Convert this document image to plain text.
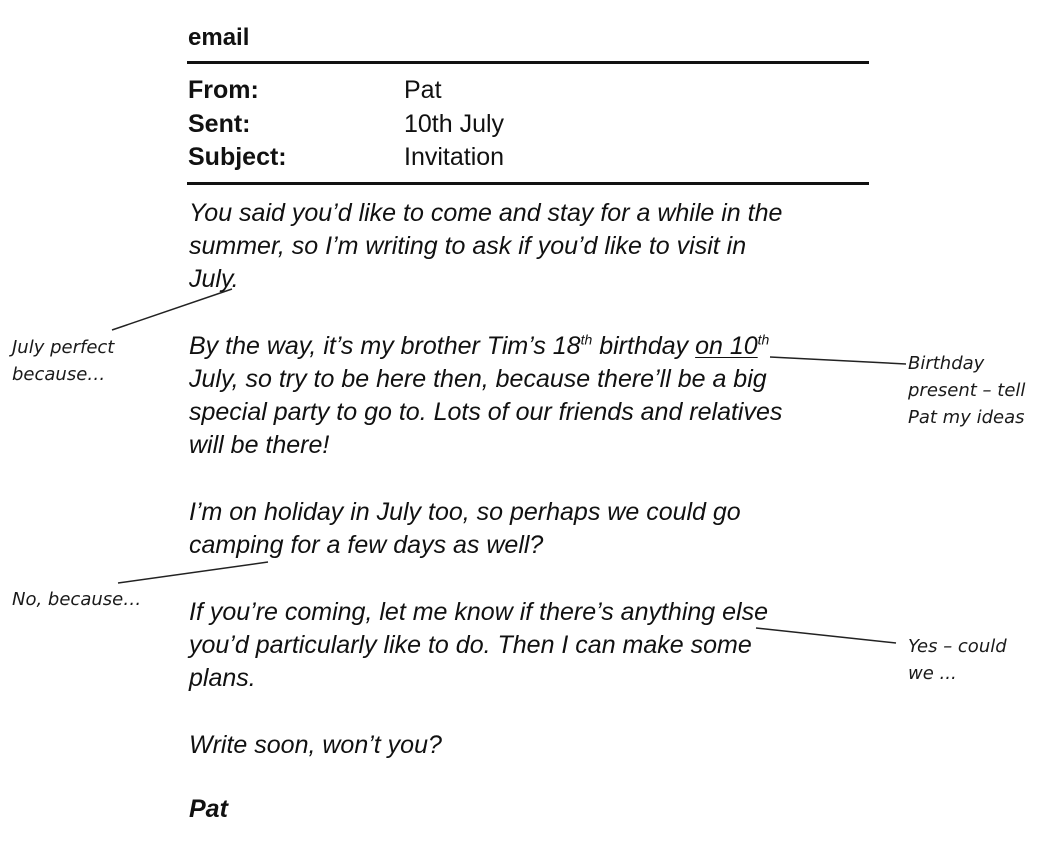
email
From:	Pat
Sent:	10th July
Subject:	Invitation
You said you’d like to come and stay for a while in the
summer, so I’m writing to ask if you’d like to visit in
July.
By the way, it’s my brother Tim’s 18th birthday on 10th
July, so try to be here then, because there’ll be a big
special party to go to. Lots of our friends and relatives
will be there!
I’m on holiday in July too, so perhaps we could go
camping for a few days as well?
If you’re coming, let me know if there’s anything else
you’d particularly like to do. Then I can make some
plans.
Write soon, won’t you?
Pat
July perfect
because…
Birthday
present – tell
Pat my ideas
No, because…
Yes – could
we ...
